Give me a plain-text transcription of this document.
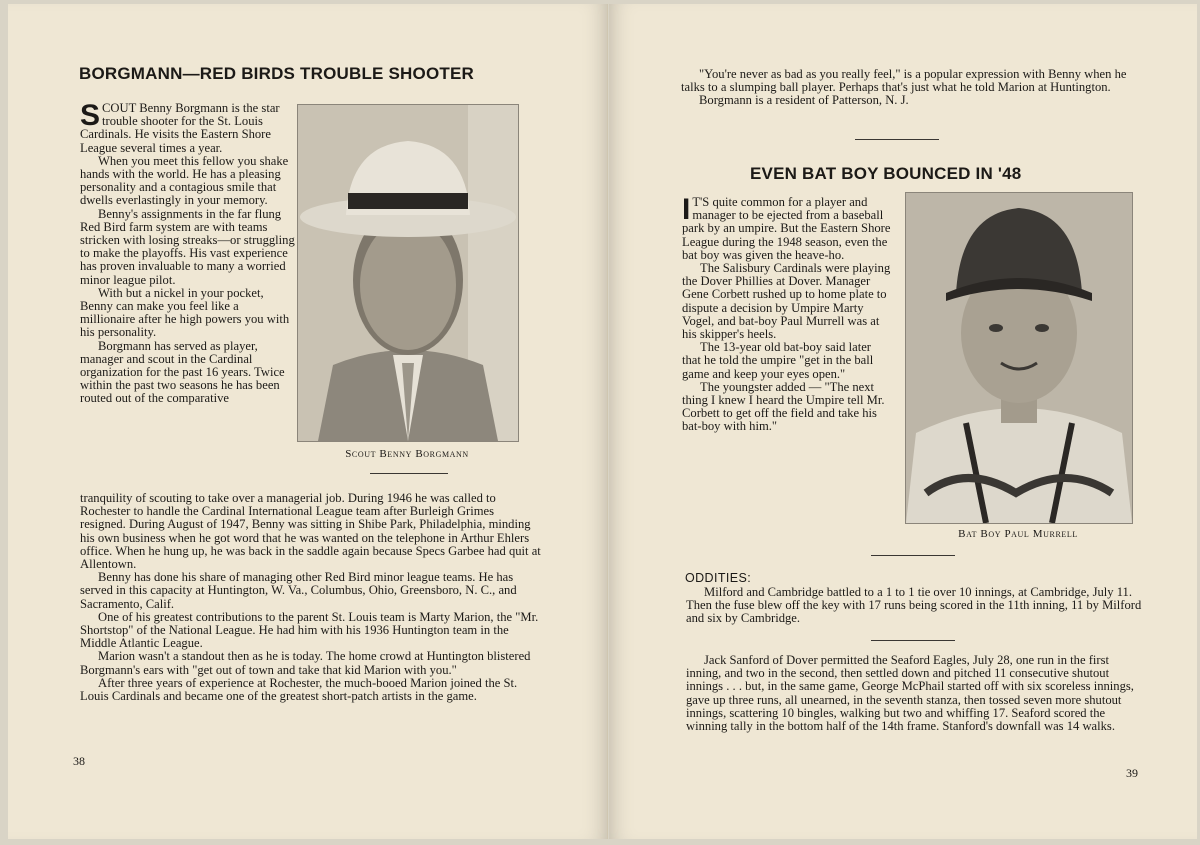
BORGMANN—RED BIRDS TROUBLE SHOOTER

SCOUT Benny Borgmann is the star trouble shooter for the St. Louis Cardinals. He visits the Eastern Shore League several times a year.

When you meet this fellow you shake hands with the world. He has a pleasing personality and a contagious smile that dwells everlastingly in your memory.

Benny's assignments in the far flung Red Bird farm system are with teams stricken with losing streaks—or struggling to make the playoffs. His vast experience has proven invaluable to many a worried minor league pilot.

With but a nickel in your pocket, Benny can make you feel like a millionaire after he high powers you with his personality.

Borgmann has served as player, manager and scout in the Cardinal organization for the past 16 years. Twice within the past two seasons he has been routed out of the comparative

Scout Benny Borgmann

tranquility of scouting to take over a managerial job. During 1946 he was called to Rochester to handle the Cardinal International League team after Burleigh Grimes resigned. During August of 1947, Benny was sitting in Shibe Park, Philadelphia, minding his own business when he got word that he was wanted on the telephone in Arthur Ehlers office. When he hung up, he was back in the saddle again because Specs Garbee had quit at Allentown.

Benny has done his share of managing other Red Bird minor league teams. He has served in this capacity at Huntington, W. Va., Columbus, Ohio, Greensboro, N. C., and Sacramento, Calif.

One of his greatest contributions to the parent St. Louis team is Marty Marion, the "Mr. Shortstop" of the National League. He had him with his 1936 Huntington team in the Middle Atlantic League.

Marion wasn't a standout then as he is today. The home crowd at Huntington blistered Borgmann's ears with "get out of town and take that kid Marion with you."

After three years of experience at Rochester, the much-booed Marion joined the St. Louis Cardinals and became one of the greatest short-patch artists in the game.

38

"You're never as bad as you really feel," is a popular expression with Benny when he talks to a slumping ball player. Perhaps that's just what he told Marion at Huntington.

Borgmann is a resident of Patterson, N. J.

EVEN BAT BOY BOUNCED IN '48

I T'S quite common for a player and manager to be ejected from a baseball park by an umpire. But the Eastern Shore League during the 1948 season, even the bat boy was given the heave-ho.

The Salisbury Cardinals were playing the Dover Phillies at Dover. Manager Gene Corbett rushed up to home plate to dispute a decision by Umpire Marty Vogel, and bat-boy Paul Murrell was at his skipper's heels.

The 13-year old bat-boy said later that he told the umpire "get in the ball game and keep your eyes open."

The youngster added — "The next thing I knew I heard the Umpire tell Mr. Corbett to get off the field and take his bat-boy with him."

Bat Boy Paul Murrell
ODDITIES:

Milford and Cambridge battled to a 1 to 1 tie over 10 innings, at Cambridge, July 11. Then the fuse blew off the key with 17 runs being scored in the 11th inning, 11 by Milford and six by Cambridge.

Jack Sanford of Dover permitted the Seaford Eagles, July 28, one run in the first inning, and two in the second, then settled down and pitched 11 consecutive shutout innings . . . but, in the same game, George McPhail started off with six scoreless innings, gave up three runs, all unearned, in the seventh stanza, then tossed seven more shutout innings, scattering 10 bingles, walking but two and whiffing 17. Seaford scored the winning tally in the bottom half of the 14th frame. Stanford's downfall was 14 walks.

39
